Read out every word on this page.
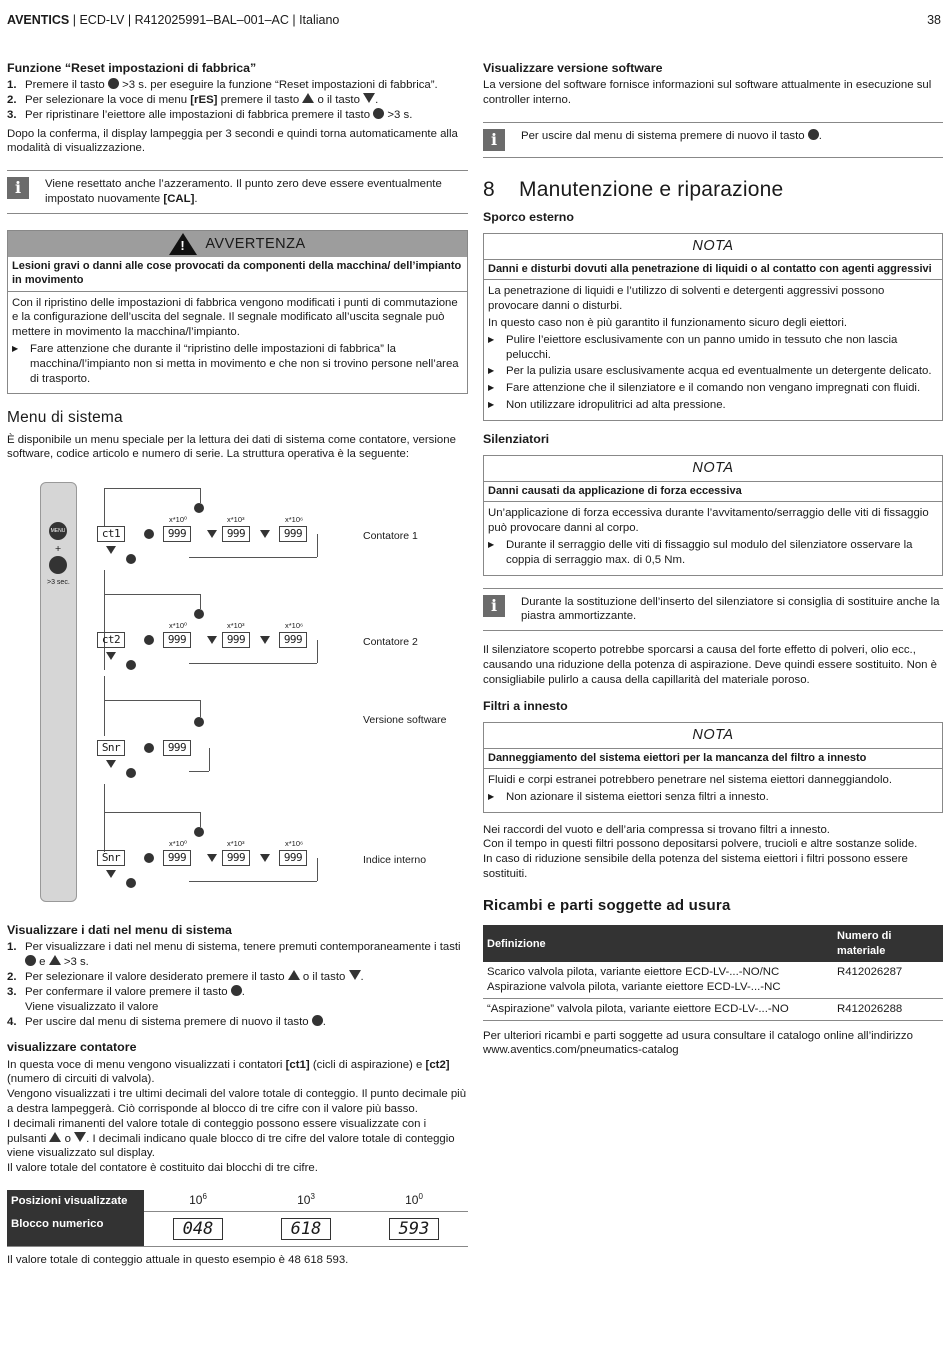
AVENTICS | ECD-LV | R412025991–BAL–001–AC | Italiano	38
Funzione “Reset impostazioni di fabbrica”
1. Premere il tasto  >3 s. per eseguire la funzione “Reset impostazioni di fabbrica”.
2. Per selezionare la voce di menu [rES] premere il tasto  o il tasto .
3. Per ripristinare l’eiettore alle impostazioni di fabbrica premere il tasto  >3 s.

Dopo la conferma, il display lampeggia per 3 secondi e quindi torna automaticamente alla modalità di visualizzazione.

i	Viene resettato anche l’azzeramento. Il punto zero deve essere eventualmente impostato nuovamente [CAL].
! AVVERTENZA
Lesioni gravi o danni alle cose provocati da componenti della macchina/ dell’impianto in movimento

Con il ripristino delle impostazioni di fabbrica vengono modificati i punti di commutazione e la configurazione dell’uscita del segnale. Il segnale modificato all’uscita segnale può mettere in movimento la macchina/l’impianto.

▶	Fare attenzione che durante il “ripristino delle impostazioni di fabbrica” la macchina/l’impianto non si metta in movimento e che non si trovino persone nell’area di trasporto.
Menu di sistema

È disponibile un menu speciale per la lettura dei dati di sistema come contatore, versione software, codice articolo e numero di serie. La struttura operativa è la seguente:

MENU
+
>3 sec.
ct1	999	999	999
x*10⁰	x*10³	x*10⁶
Contatore 1
ct2	999	999	999
x*10⁰	x*10³	x*10⁶
Contatore 2
Snr	999
Versione software
Snr	999	999	999
x*10⁰	x*10³	x*10⁶
Indice interno
Visualizzare i dati nel menu di sistema
1. Per visualizzare i dati nel menu di sistema, tenere premuti contemporaneamente i tasti  e  >3 s.
2. Per selezionare il valore desiderato premere il tasto  o il tasto .
3. Per confermare il valore premere il tasto .
Viene visualizzato il valore
4. Per uscire dal menu di sistema premere di nuovo il tasto .
visualizzare contatore

In questa voce di menu vengono visualizzati i contatori [ct1] (cicli di aspirazione) e [ct2] (numero di circuiti di valvola).

Vengono visualizzati i tre ultimi decimali del valore totale di conteggio. Il punto decimale più a destra lampeggerà. Ciò corrisponde al blocco di tre cifre con il valore più basso.

I decimali rimanenti del valore totale di conteggio possono essere visualizzate con i pulsanti  o . I decimali indicano quale blocco di tre cifre del valore totale di conteggio viene visualizzato sul display.

Il valore totale del contatore è costituito dai blocchi di tre cifre.

Posizioni visualizzate
Blocco numerico	$10^6$	$10^3$	$10^0$
	048	618	593

Il valore totale di conteggio attuale in questo esempio è 48 618 593.

Visualizzare versione software

La versione del software fornisce informazioni sul software attualmente in esecuzione sul controller interno.

i	Per uscire dal menu di sistema premere di nuovo il tasto .
8    Manutenzione e riparazione
Sporco esterno
NOTA
Danni e disturbi dovuti alla penetrazione di liquidi o al contatto con agenti aggressivi

La penetrazione di liquidi e l’utilizzo di solventi e detergenti aggressivi possono provocare danni o disturbi.

In questo caso non è più garantito il funzionamento sicuro degli eiettori.

▶	Pulire l’eiettore esclusivamente con un panno umido in tessuto che non lascia pelucchi.
▶	Per la pulizia usare esclusivamente acqua ed eventualmente un detergente delicato.
▶	Fare attenzione che il silenziatore e il comando non vengano impregnati con fluidi.
▶	Non utilizzare idropulitrici ad alta pressione.
Silenziatori
NOTA
Danni causati da applicazione di forza eccessiva

Un’applicazione di forza eccessiva durante l’avvitamento/serraggio delle viti di fissaggio può provocare danni al corpo.

▶	Durante il serraggio delle viti di fissaggio sul modulo del silenziatore osservare la coppia di serraggio max. di 0,5 Nm.
i	Durante la sostituzione dell’inserto del silenziatore si consiglia di sostituire anche la piastra ammortizzante.

Il silenziatore scoperto potrebbe sporcarsi a causa del forte effetto di polveri, olio ecc., causando una riduzione della potenza di aspirazione. Deve quindi essere sostituito. Non è consigliabile pulirlo a causa della capillarità del materiale poroso.

Filtri a innesto
NOTA
Danneggiamento del sistema eiettori per la mancanza del filtro a innesto

Fluidi e corpi estranei potrebbero penetrare nel sistema eiettori danneggiandolo.

▶	Non azionare il sistema eiettori senza filtri a innesto.

Nei raccordi del vuoto e dell’aria compressa si trovano filtri a innesto.

Con il tempo in questi filtri possono depositarsi polvere, trucioli e altre sostanze solide.

In caso di riduzione sensibile della potenza del sistema eiettori i filtri possono essere sostituiti.

Ricambi e parti soggette ad usura
Definizione	Numero di materiale

Scarico valvola pilota, variante eiettore ECD-LV-...-NO/NC
Aspirazione valvola pilota, variante eiettore ECD-LV-...-NC	R412026287

“Aspirazione” valvola pilota, variante eiettore ECD-LV-...-NO	R412026288

Per ulteriori ricambi e parti soggette ad usura consultare il catalogo online all’indirizzo www.aventics.com/pneumatics-catalog
